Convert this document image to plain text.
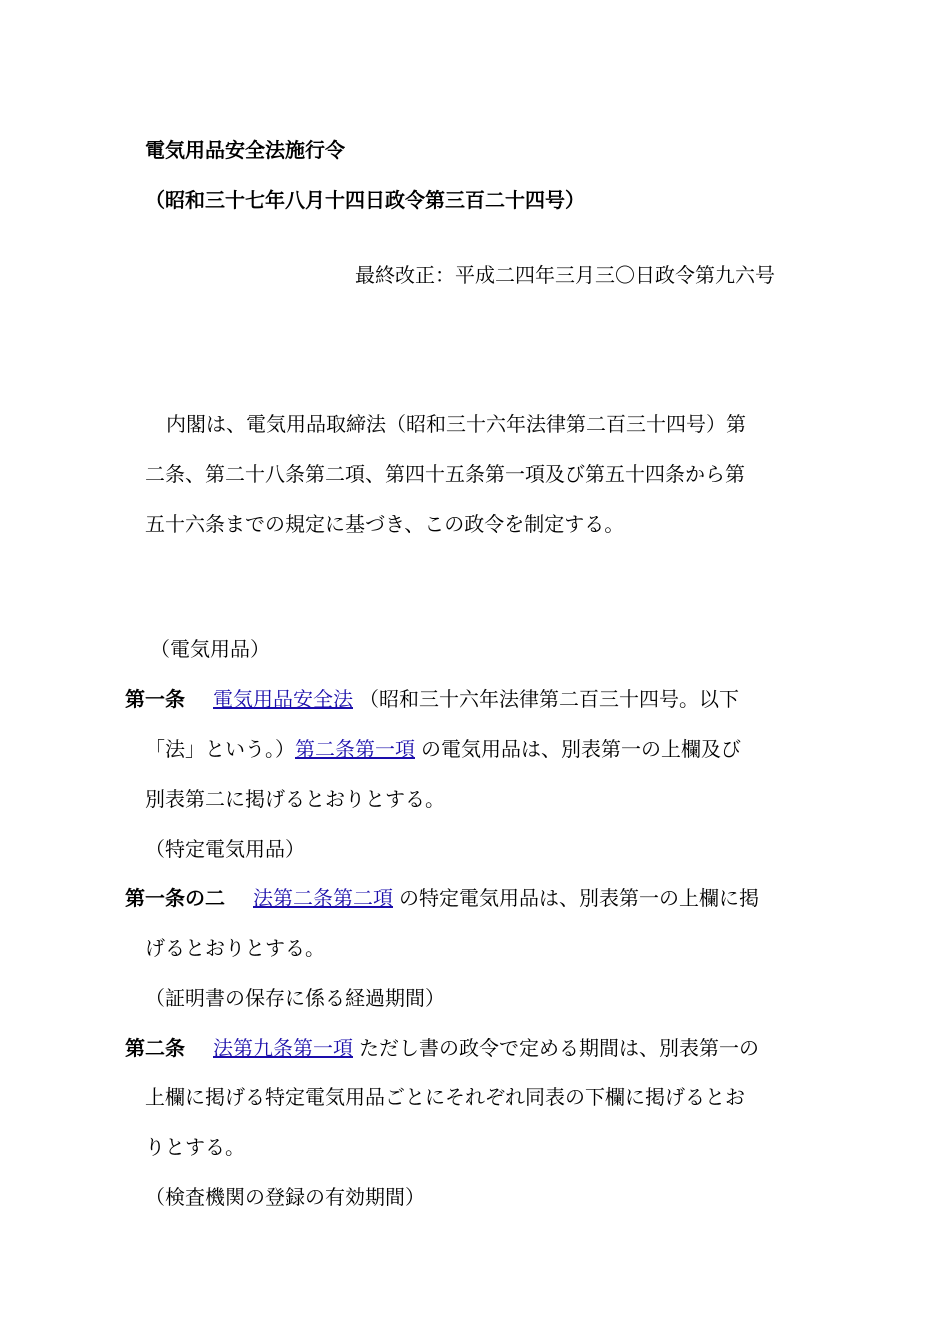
電気用品安全法施行令
（昭和三十七年八月十四日政令第三百二十四号）
最終改正：平成二四年三月三〇日政令第九六号
内閣は、電気用品取締法（昭和三十六年法律第二百三十四号）第
二条、第二十八条第二項、第四十五条第一項及び第五十四条から第
五十六条までの規定に基づき、この政令を制定する。
（電気用品）
第一条 電気用品安全法 （昭和三十六年法律第二百三十四号。以下
「法」という。）第二条第一項 の電気用品は、別表第一の上欄及び
別表第二に掲げるとおりとする。
（特定電気用品）
第一条の二 法第二条第二項 の特定電気用品は、別表第一の上欄に掲
げるとおりとする。
（証明書の保存に係る経過期間）
第二条 法第九条第一項 ただし書の政令で定める期間は、別表第一の
上欄に掲げる特定電気用品ごとにそれぞれ同表の下欄に掲げるとお
りとする。
（検査機関の登録の有効期間）
